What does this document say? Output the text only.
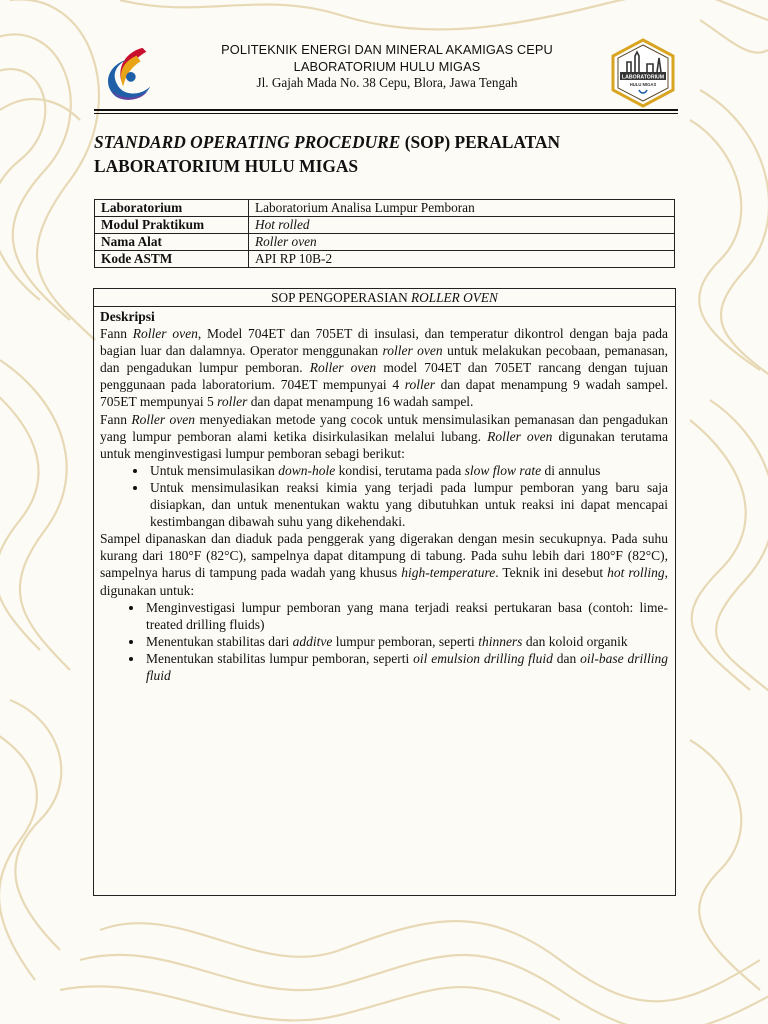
POLITEKNIK ENERGI DAN MINERAL AKAMIGAS CEPU
LABORATORIUM HULU MIGAS
Jl. Gajah Mada No. 38 Cepu, Blora, Jawa Tengah	LABORATORIUM
HULU MIGAS
STANDARD OPERATING PROCEDURE (SOP) PERALATAN
LABORATORIUM HULU MIGAS
Laboratorium	Laboratorium Analisa Lumpur Pemboran
Modul Praktikum	Hot rolled
Nama Alat	Roller oven
Kode ASTM	API RP 10B-2
SOP PENGOPERASIAN ROLLER OVEN
Deskripsi

Fann Roller oven, Model 704ET dan 705ET di insulasi, dan temperatur dikontrol dengan baja pada bagian luar dan dalamnya. Operator menggunakan roller oven untuk melakukan pecobaan, pemanasan, dan pengadukan lumpur pemboran. Roller oven model 704ET dan 705ET rancang dengan tujuan penggunaan pada laboratorium. 704ET mempunyai 4 roller dan dapat menampung 9 wadah sampel. 705ET mempunyai 5 roller dan dapat menampung 16 wadah sampel.

Fann Roller oven menyediakan metode yang cocok untuk mensimulasikan pemanasan dan pengadukan yang lumpur pemboran alami ketika disirkulasikan melalui lubang. Roller oven digunakan terutama untuk menginvestigasi lumpur pemboran sebagi berikut:

• Untuk mensimulasikan down-hole kondisi, terutama pada slow flow rate di annulus
• Untuk mensimulasikan reaksi kimia yang terjadi pada lumpur pemboran yang baru saja disiapkan, dan untuk menentukan waktu yang dibutuhkan untuk reaksi ini dapat mencapai kestimbangan dibawah suhu yang dikehendaki.

Sampel dipanaskan dan diaduk pada penggerak yang digerakan dengan mesin secukupnya. Pada suhu kurang dari 180°F (82°C), sampelnya dapat ditampung di tabung. Pada suhu lebih dari 180°F (82°C), sampelnya harus di tampung pada wadah yang khusus high-temperature. Teknik ini desebut hot rolling, digunakan untuk:

• Menginvestigasi lumpur pemboran yang mana terjadi reaksi pertukaran basa (contoh: lime-treated drilling fluids)
• Menentukan stabilitas dari additve lumpur pemboran, seperti thinners dan koloid organik
• Menentukan stabilitas lumpur pemboran, seperti oil emulsion drilling fluid dan oil-base drilling fluid
